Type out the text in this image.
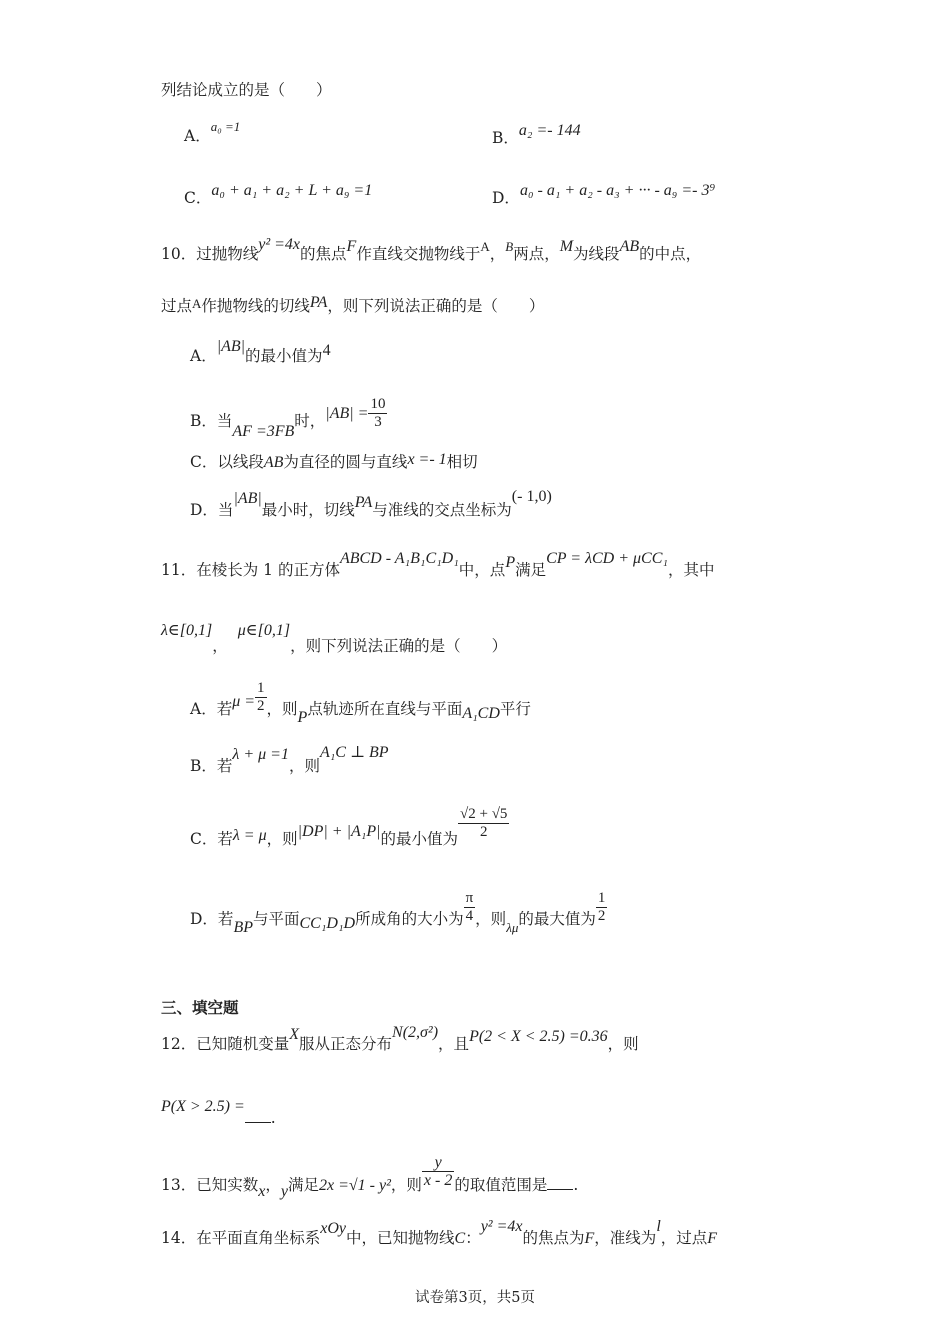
列结论成立的是（　　）
A．$^{a_0 =1}$
B．a₂ =- 144
C．a₀ + a₁ + a₂ + L + a₉ =1	D．a₀ - a₁ + a₂ - a₃ + ··· - a₉ =- 3⁹
10．过抛物线y² =4x的焦点F作直线交抛物线于$^A$，$^B$两点，M为线段AB的中点，
过点A作抛物线的切线PA，则下列说法正确的是（　　）
A．|AB|的最小值为4
B．当AF =3FB时，$|AB| = \frac{10}{3}$
C．以线段AB为直径的圆与直线x =- 1相切
D．当|AB|最小时，切线PA与准线的交点坐标为(- 1,0)
11．在棱长为 1 的正方体ABCD - A₁B₁C₁D₁中，点P满足CP = λCD + μCC₁，其中
λ∈[0,1]，μ∈[0,1]，则下列说法正确的是（　　）
A．若$\mu = \frac{1}{2}$ ，则P点轨迹所在直线与平面A₁CD平行
B．若λ + μ =1，则A₁C ⊥ BP
C．若λ = μ，则|DP| + |A₁P|的最小值为 $\frac{√2 + √5}{2}$
D．若BP与平面CC₁D₁D所成角的大小为 $\frac{\pi}{4}$ ，则$_{\lambda\mu}$的最大值为 $\frac{1}{2}$
三、填空题
12．已知随机变量X服从正态分布N(2,σ²)，且P(2 < X < 2.5) =0.36，则
P(X > 2.5) =.
13．已知实数x，y满足2x =√1 - y²，则 $\frac{y}{x - 2}$ 的取值范围是 .
14．在平面直角坐标系xOy中，已知抛物线C：y² =4x的焦点为F，准线为l，过点F
试卷第3页，共5页
